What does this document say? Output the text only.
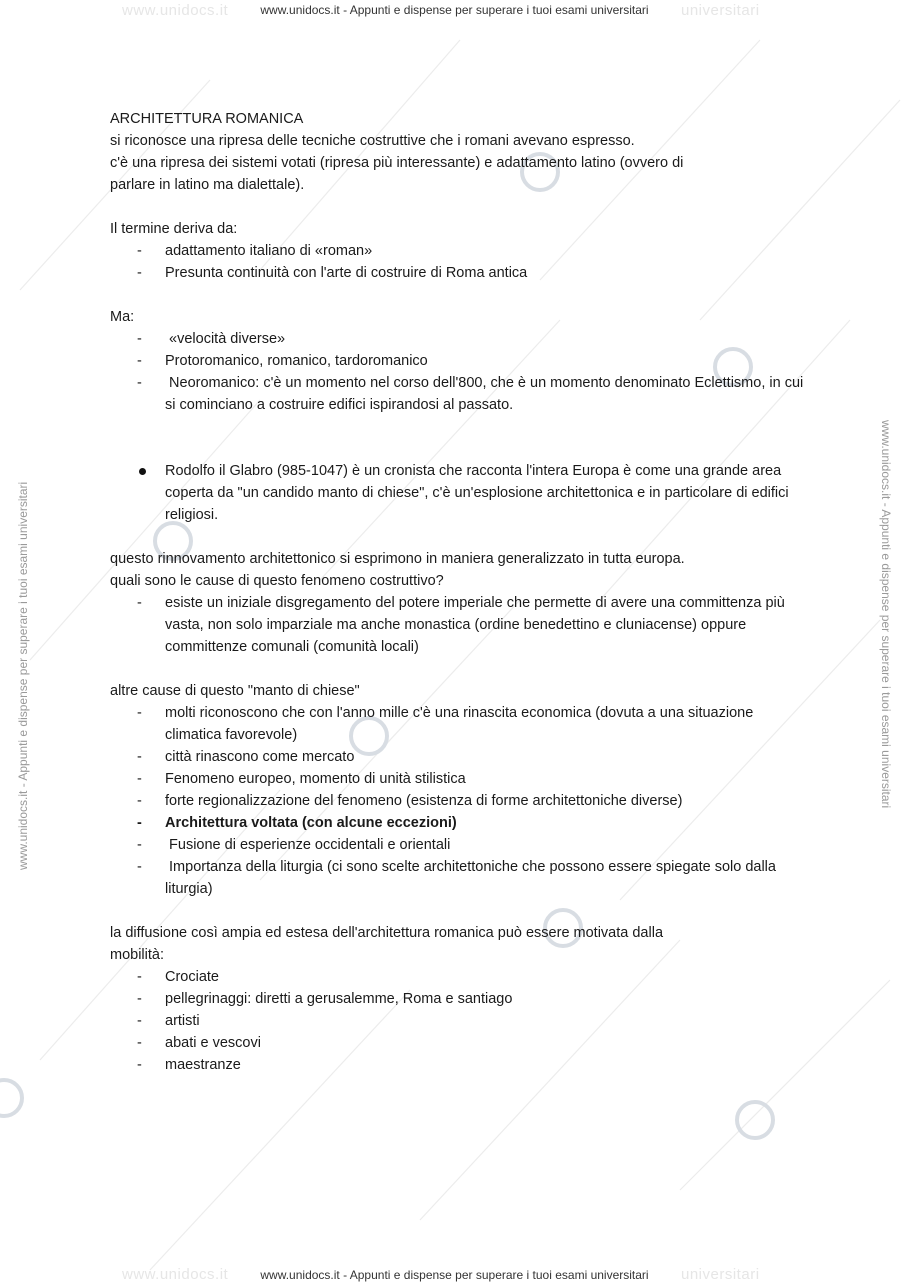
www.unidocs.it	universitari
www.unidocs.it - Appunti e dispense per superare i tuoi esami universitari
www.unidocs.it	universitari
www.unidocs.it - Appunti e dispense per superare i tuoi esami universitari
www.unidocs.it - Appunti e dispense per superare i tuoi esami universitari	www.unidocs.it - Appunti e dispense per superare i tuoi esami universitari

ARCHITETTURA ROMANICA

si riconosce una ripresa delle tecniche costruttive che i romani avevano espresso.

c'è una ripresa dei sistemi votati (ripresa più interessante) e adattamento latino (ovvero di

parlare in latino ma dialettale).

Il termine deriva da:

- adattamento italiano di «roman»
- Presunta continuità con l'arte di costruire di Roma antica

Ma:

-  «velocità diverse»
- Protoromanico, romanico, tardoromanico
-  Neoromanico: c'è un momento nel corso dell'800, che è un momento denominato Eclettismo, in cui si cominciano a costruire edifici ispirandosi al passato.
Rodolfo il Glabro (985-1047) è un cronista che racconta l'intera Europa è come una grande area coperta da "un candido manto di chiese", c'è un'esplosione architettonica e in particolare di edifici religiosi.

questo rinnovamento architettonico si esprimono in maniera generalizzato in tutta europa.

quali sono le cause di questo fenomeno costruttivo?

- esiste un iniziale disgregamento del potere imperiale che permette di avere una committenza più vasta, non solo imparziale ma anche monastica (ordine benedettino e cluniacense) oppure committenze comunali (comunità locali)

altre cause di questo "manto di chiese"

- molti riconoscono che con l'anno mille c'è una rinascita economica (dovuta a una situazione climatica favorevole)
- città rinascono come mercato
- Fenomeno europeo, momento di unità stilistica
- forte regionalizzazione del fenomeno (esistenza di forme architettoniche diverse)
- Architettura voltata (con alcune eccezioni)
-  Fusione di esperienze occidentali e orientali
-  Importanza della liturgia (ci sono scelte architettoniche che possono essere spiegate solo dalla liturgia)

la diffusione così ampia ed estesa dell'architettura romanica può essere motivata dalla

mobilità:

- Crociate
- pellegrinaggi: diretti a gerusalemme, Roma e santiago
- artisti
- abati e vescovi
- maestranze
